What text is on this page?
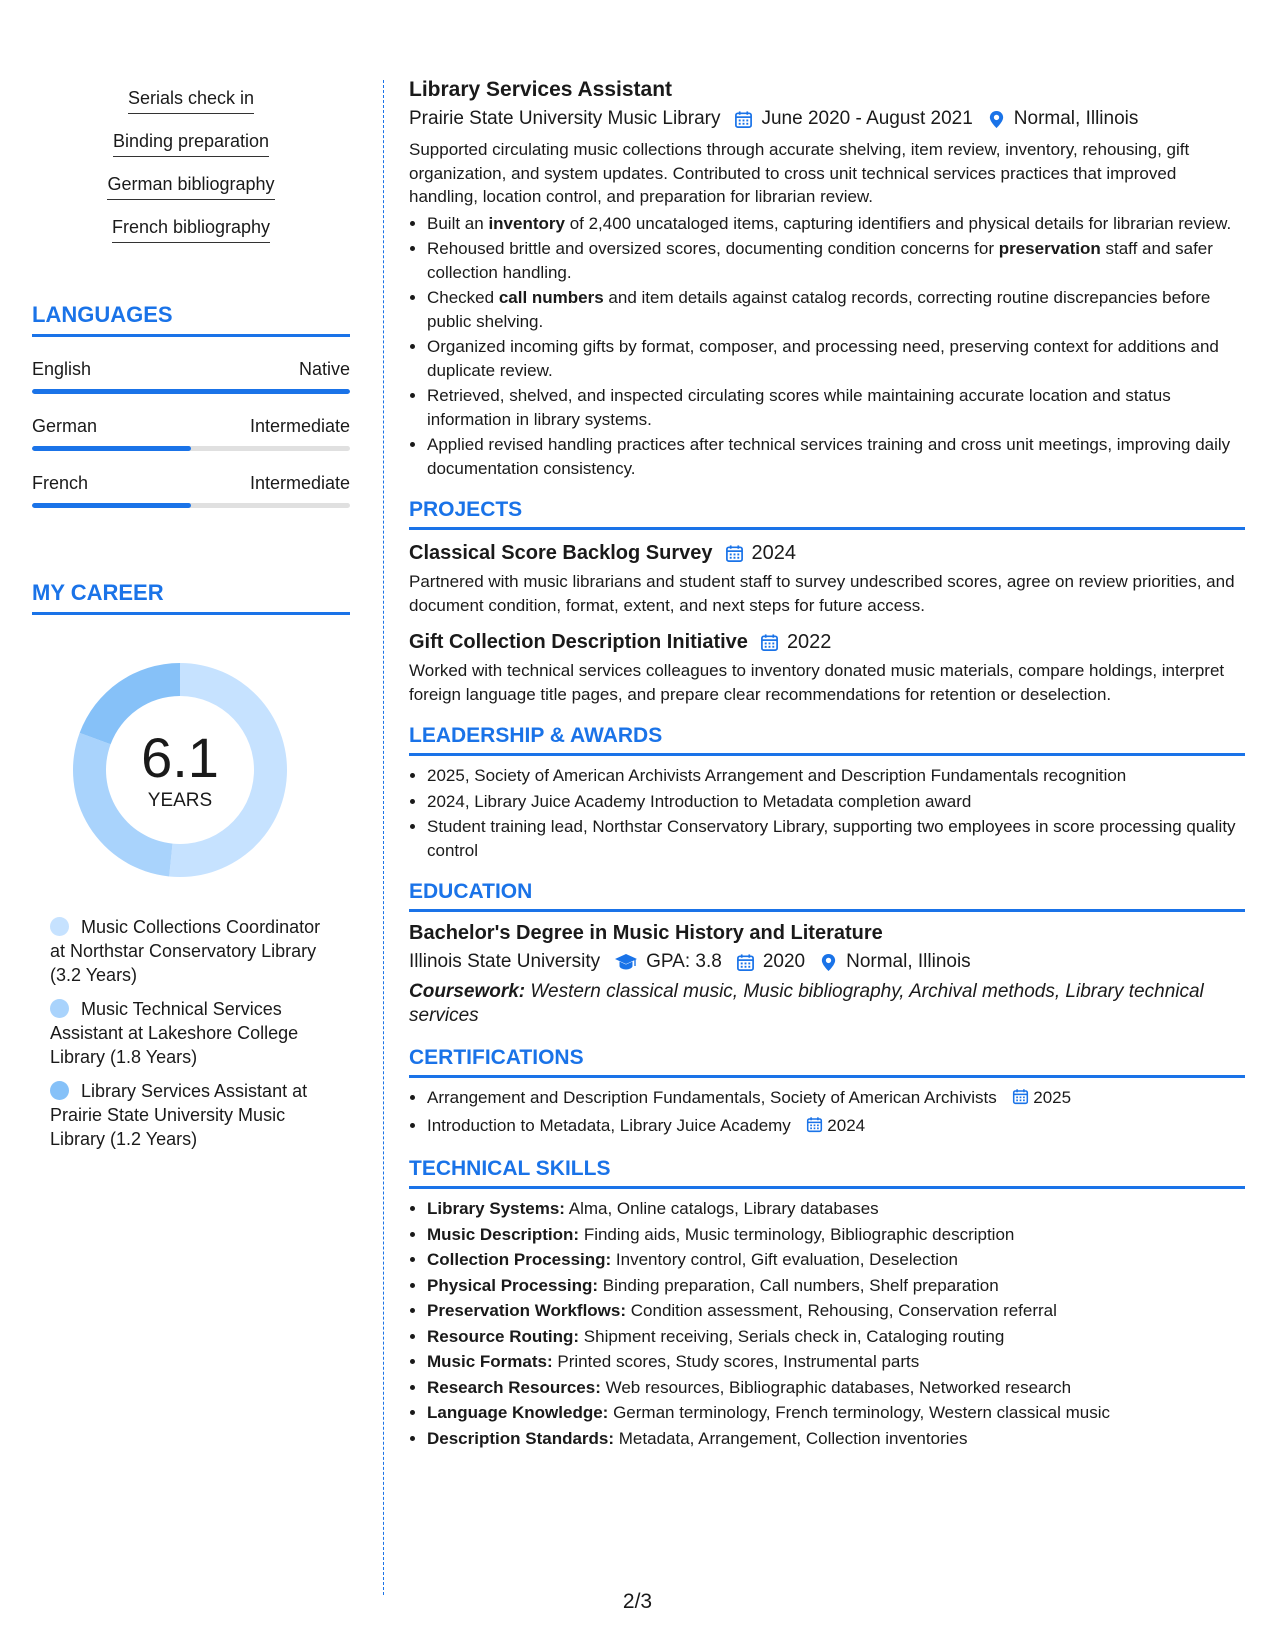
Serials check in
Binding preparation
German bibliography
French bibliography
LANGUAGES
English	Native
German	Intermediate
French	Intermediate
MY CAREER
6.1
YEARS
Music Collections Coordinator at Northstar Conservatory Library (3.2 Years)
Music Technical Services Assistant at Lakeshore College Library (1.8 Years)
Library Services Assistant at Prairie State University Music Library (1.2 Years)
Library Services Assistant
Prairie State University Music Library June 2020 - August 2021 Normal, Illinois
Supported circulating music collections through accurate shelving, item review, inventory, rehousing, gift organization, and system updates. Contributed to cross unit technical services practices that improved handling, location control, and preparation for librarian review.
• Built an inventory of 2,400 uncataloged items, capturing identifiers and physical details for librarian review.
• Rehoused brittle and oversized scores, documenting condition concerns for preservation staff and safer collection handling.
• Checked call numbers and item details against catalog records, correcting routine discrepancies before public shelving.
• Organized incoming gifts by format, composer, and processing need, preserving context for additions and duplicate review.
• Retrieved, shelved, and inspected circulating scores while maintaining accurate location and status information in library systems.
• Applied revised handling practices after technical services training and cross unit meetings, improving daily documentation consistency.
PROJECTS
Classical Score Backlog Survey 2024
Partnered with music librarians and student staff to survey undescribed scores, agree on review priorities, and document condition, format, extent, and next steps for future access.
Gift Collection Description Initiative 2022
Worked with technical services colleagues to inventory donated music materials, compare holdings, interpret foreign language title pages, and prepare clear recommendations for retention or deselection.
LEADERSHIP & AWARDS
• 2025, Society of American Archivists Arrangement and Description Fundamentals recognition
• 2024, Library Juice Academy Introduction to Metadata completion award
• Student training lead, Northstar Conservatory Library, supporting two employees in score processing quality control
EDUCATION
Bachelor's Degree in Music History and Literature
Illinois State University GPA: 3.8 2020 Normal, Illinois
Coursework: Western classical music, Music bibliography, Archival methods, Library technical services
CERTIFICATIONS
• Arrangement and Description Fundamentals, Society of American Archivists 2025
• Introduction to Metadata, Library Juice Academy 2024
TECHNICAL SKILLS
• Library Systems: Alma, Online catalogs, Library databases
• Music Description: Finding aids, Music terminology, Bibliographic description
• Collection Processing: Inventory control, Gift evaluation, Deselection
• Physical Processing: Binding preparation, Call numbers, Shelf preparation
• Preservation Workflows: Condition assessment, Rehousing, Conservation referral
• Resource Routing: Shipment receiving, Serials check in, Cataloging routing
• Music Formats: Printed scores, Study scores, Instrumental parts
• Research Resources: Web resources, Bibliographic databases, Networked research
• Language Knowledge: German terminology, French terminology, Western classical music
• Description Standards: Metadata, Arrangement, Collection inventories
2/3
